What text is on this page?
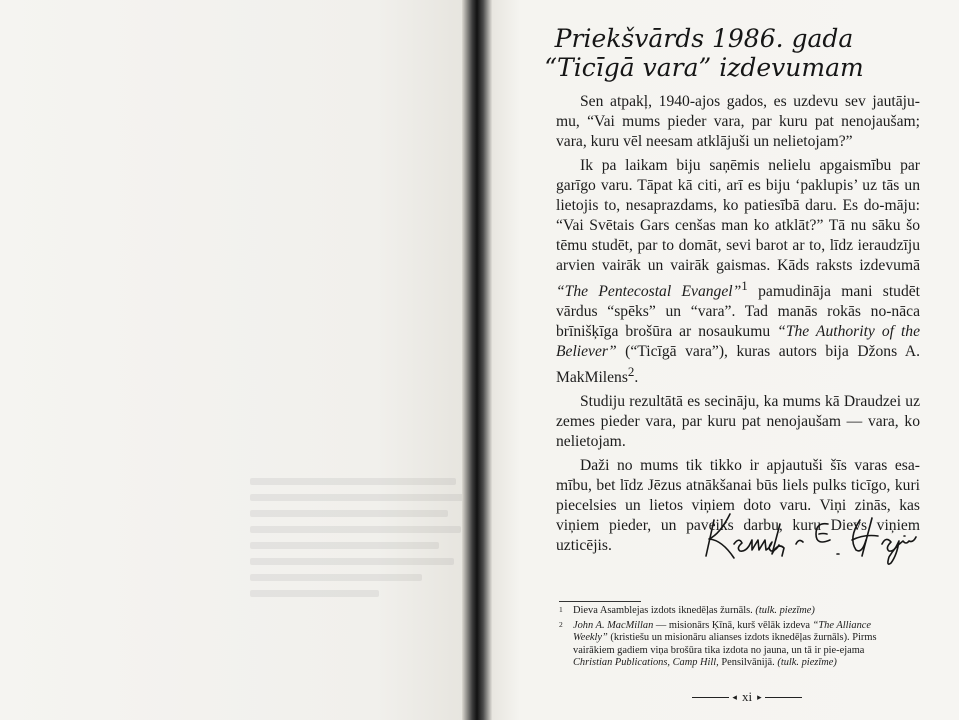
Priekšvārds 1986. gada
“Ticīgā vara” izdevumam

Sen atpakļ, 1940-ajos gados, es uzdevu sev jautāju-mu, “Vai mums pieder vara, par kuru pat nenojaušam; vara, kuru vēl neesam atklājuši un nelietojam?”

Ik pa laikam biju saņēmis nelielu apgaismību par garīgo varu. Tāpat kā citi, arī es biju ‘paklupis’ uz tās un lietojis to, nesaprazdams, ko patiesībā daru. Es do-māju: “Vai Svētais Gars cenšas man ko atklāt?” Tā nu sāku šo tēmu studēt, par to domāt, sevi barot ar to, līdz ieraudzīju arvien vairāk un vairāk gaismas. Kāds raksts izdevumā “The Pentecostal Evangel”$^1$ pamudināja mani studēt vārdus “spēks” un “vara”. Tad manās rokās no-nāca brīnišķīga brošūra ar nosaukumu “The Authority of the Believer” (“Ticīgā vara”), kuras autors bija Džons A. MakMilens$^2$.

Studiju rezultātā es secināju, ka mums kā Draudzei uz zemes pieder vara, par kuru pat nenojaušam — vara, ko nelietojam.

Daži no mums tik tikko ir apjautuši šīs varas esa-mību, bet līdz Jēzus atnākšanai būs liels pulks ticīgo, kuri piecelsies un lietos viņiem doto varu. Viņi zinās, kas viņiem pieder, un paveiks darbu, kuru Dievs viņiem uzticējis.

1 Dieva Asamblejas izdots iknedēļas žurnāls. (tulk. piezīme)
2 John A. MacMillan — misionārs Ķīnā, kurš vēlāk izdeva “The Alliance Weekly” (kristiešu un misionāru alianses izdots iknedēļas žurnāls). Pirms vairākiem gadiem viņa brošūra tika izdota no jauna, un tā ir pie-ejama Christian Publications, Camp Hill, Pensilvānijā. (tulk. piezīme)
◂ xi ▸
